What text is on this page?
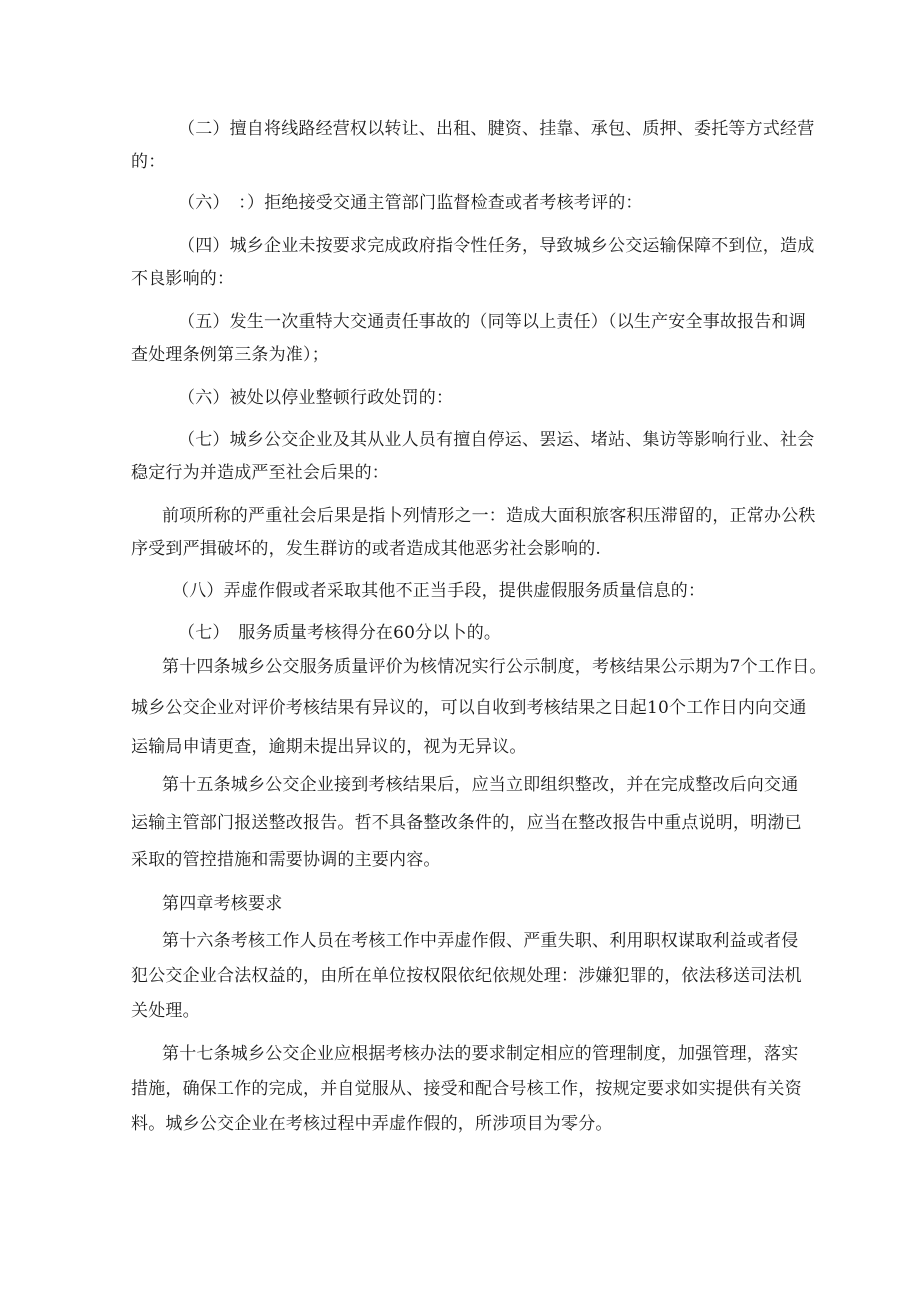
（二）擅自将线路经营权以转让、出租、腱资、挂靠、承包、质押、委托等方式经营

的：

（六）　：）拒绝接受交通主管部门监督检查或者考核考评的：

（四）城乡企业未按要求完成政府指令性任务，导致城乡公交运输保障不到位，造成

不良影响的：

（五）发生一次重特大交通责任事故的（同等以上责任）（以生产安全事故报告和调

查处理条例第三条为准）；

（六）被处以停业整顿行政处罚的：

（七）城乡公交企业及其从业人员有擅自停运、罢运、堵站、集访等影响行业、社会

稳定行为并造成严至社会后果的：

前项所称的严重社会后果是指卜列情形之一：造成大面积旅客积压滞留的，正常办公秩

序受到严揖破坏的，发生群访的或者造成其他恶劣社会影响的.

（八）弄虚作假或者采取其他不正当手段，提供虚假服务质量信息的：

（七）　服务质量考核得分在60分以卜的。

第十四条城乡公交服务质量评价为核情况实行公示制度，考核结果公示期为7个工作日。

城乡公交企业对评价考核结果有异议的，可以自收到考核结果之日起10个工作日内向交通

运输局申请更查，逾期未提出异议的，视为无异议。

第十五条城乡公交企业接到考核结果后，应当立即组织整改，并在完成整改后向交通

运输主管部门报送整改报告。哲不具备整改条件的，应当在整改报告中重点说明，明渤已

采取的管控措施和需要协调的主要内容。

第四章考核要求

第十六条考核工作人员在考核工作中弄虚作假、严重失职、利用职权谋取利益或者侵

犯公交企业合法权益的，由所在单位按权限依纪依规处理：涉嫌犯罪的，依法移送司法机

关处理。

第十七条城乡公交企业应根据考核办法的要求制定相应的管理制度，加强管理，落实

措施，确保工作的完成，并自觉服从、接受和配合号核工作，按规定要求如实提供有关资

料。城乡公交企业在考核过程中弄虚作假的，所涉项目为零分。
